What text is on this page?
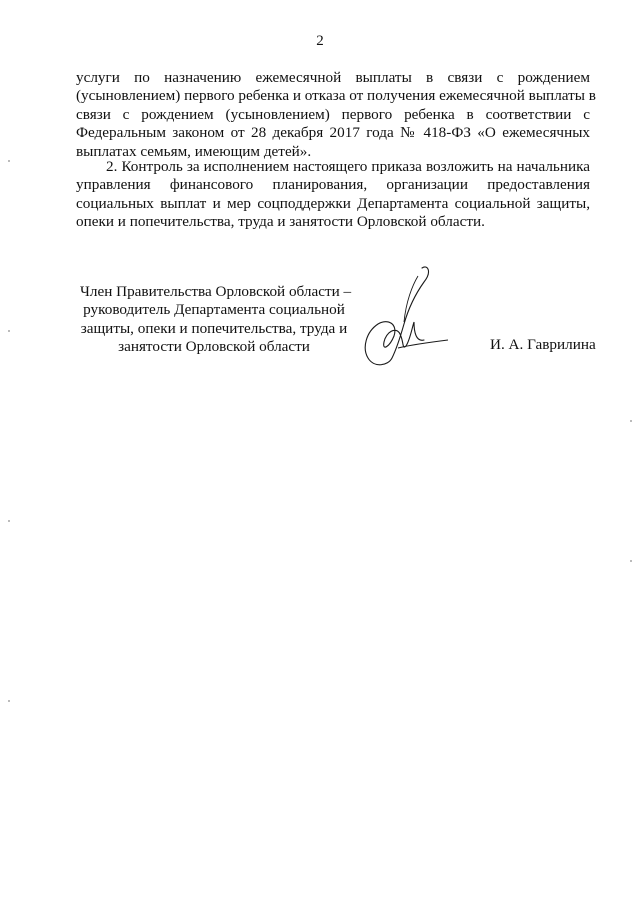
2

услуги по назначению ежемесячной выплаты в связи с рождением
(усыновлением) первого ребенка и отказа от получения ежемесячной выплаты в
связи с рождением (усыновлением) первого ребенка в соответствии с
Федеральным законом от 28 декабря 2017 года № 418-ФЗ «О ежемесячных
выплатах семьям, имеющим детей».

2. Контроль за исполнением настоящего приказа возложить на начальника
управления финансового планирования, организации предоставления
социальных выплат и мер соцподдержки Департамента социальной защиты,
опеки и попечительства, труда и занятости Орловской области.

Член Правительства Орловской области –
руководитель Департамента социальной
защиты, опеки и попечительства, труда и
занятости Орловской области	И. А. Гаврилина
